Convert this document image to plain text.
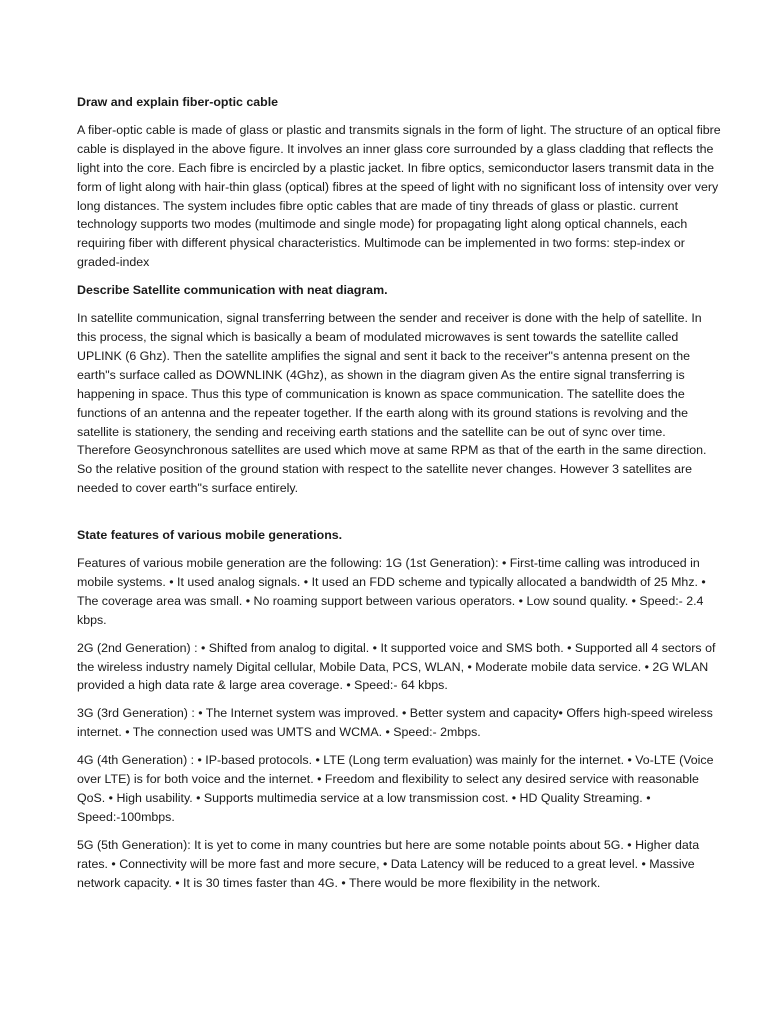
Draw and explain fiber-optic cable
A fiber-optic cable is made of glass or plastic and transmits signals in the form of light. The structure of an optical fibre cable is displayed in the above figure. It involves an inner glass core surrounded by a glass cladding that reflects the light into the core. Each fibre is encircled by a plastic jacket. In fibre optics, semiconductor lasers transmit data in the form of light along with hair-thin glass (optical) fibres at the speed of light with no significant loss of intensity over very long distances. The system includes fibre optic cables that are made of tiny threads of glass or plastic. current technology supports two modes (multimode and single mode) for propagating light along optical channels, each requiring fiber with different physical characteristics. Multimode can be implemented in two forms: step-index or graded-index
Describe Satellite communication with neat diagram.
In satellite communication, signal transferring between the sender and receiver is done with the help of satellite. In this process, the signal which is basically a beam of modulated microwaves is sent towards the satellite called UPLINK (6 Ghz). Then the satellite amplifies the signal and sent it back to the receiver"s antenna present on the earth"s surface called as DOWNLINK (4Ghz), as shown in the diagram given As the entire signal transferring is happening in space. Thus this type of communication is known as space communication. The satellite does the functions of an antenna and the repeater together. If the earth along with its ground stations is revolving and the satellite is stationery, the sending and receiving earth stations and the satellite can be out of sync over time. Therefore Geosynchronous satellites are used which move at same RPM as that of the earth in the same direction. So the relative position of the ground station with respect to the satellite never changes. However 3 satellites are needed to cover earth"s surface entirely.
State features of various mobile generations.
Features of various mobile generation are the following: 1G (1st Generation): • First-time calling was introduced in mobile systems. • It used analog signals. • It used an FDD scheme and typically allocated a bandwidth of 25 Mhz. • The coverage area was small. • No roaming support between various operators. • Low sound quality. • Speed:- 2.4 kbps.
2G (2nd Generation) : • Shifted from analog to digital. • It supported voice and SMS both. • Supported all 4 sectors of the wireless industry namely Digital cellular, Mobile Data, PCS, WLAN, • Moderate mobile data service. • 2G WLAN provided a high data rate & large area coverage. • Speed:- 64 kbps.
3G (3rd Generation) : • The Internet system was improved. • Better system and capacity• Offers high-speed wireless internet. • The connection used was UMTS and WCMA. • Speed:- 2mbps.
4G (4th Generation) : • IP-based protocols. • LTE (Long term evaluation) was mainly for the internet. • Vo-LTE (Voice over LTE) is for both voice and the internet. • Freedom and flexibility to select any desired service with reasonable QoS. • High usability. • Supports multimedia service at a low transmission cost. • HD Quality Streaming. • Speed:-100mbps.
5G (5th Generation): It is yet to come in many countries but here are some notable points about 5G. • Higher data rates. • Connectivity will be more fast and more secure, • Data Latency will be reduced to a great level. • Massive network capacity. • It is 30 times faster than 4G. • There would be more flexibility in the network.
